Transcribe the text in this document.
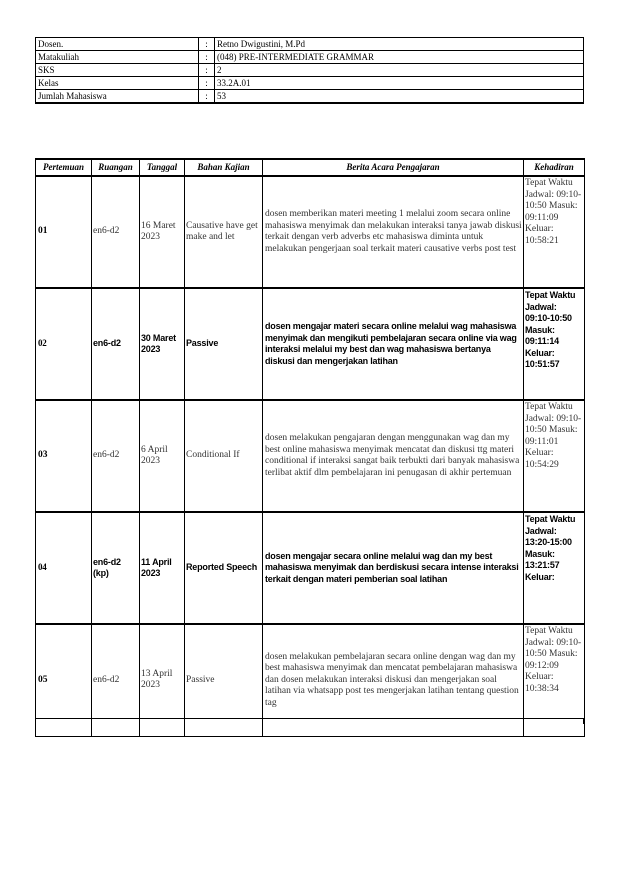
Dosen.	:	Retno Dwigustini, M.Pd
Matakuliah	:	(048) PRE-INTERMEDIATE GRAMMAR
SKS	:	2
Kelas	:	33.2A.01
Jumlah Mahasiswa	:	53
Pertemuan	Ruangan	Tanggal	Bahan Kajian	Berita Acara Pengajaran	Kehadiran
01	en6-d2	16 Maret 2023	Causative have get make and let	dosen memberikan materi meeting 1 melalui zoom secara online mahasiswa menyimak dan melakukan interaksi tanya jawab diskusi terkait dengan verb adverbs etc mahasiswa diminta untuk melakukan pengerjaan soal terkait materi causative verbs post test	Tepat Waktu Jadwal: 09:10-10:50 Masuk: 09:11:09 Keluar: 10:58:21
02	en6-d2	30 Maret 2023	Passive	dosen mengajar materi secara online melalui wag mahasiswa menyimak dan mengikuti pembelajaran secara online via wag interaksi melalui my best dan wag mahasiswa bertanya diskusi dan mengerjakan latihan	Tepat Waktu Jadwal: 09:10-10:50 Masuk: 09:11:14 Keluar: 10:51:57
03	en6-d2	6 April 2023	Conditional If	dosen melakukan pengajaran dengan menggunakan wag dan my best online mahasiswa menyimak mencatat dan diskusi ttg materi conditional if interaksi sangat baik terbukti dari banyak mahasiswa terlibat aktif dlm pembelajaran ini penugasan di akhir pertemuan	Tepat Waktu Jadwal: 09:10-10:50 Masuk: 09:11:01 Keluar: 10:54:29
04	en6-d2 (kp)	11 April 2023	Reported Speech	dosen mengajar secara online melalui wag dan my best mahasiswa menyimak dan berdiskusi secara intense interaksi terkait dengan materi pemberian soal latihan	Tepat Waktu Jadwal: 13:20-15:00 Masuk: 13:21:57 Keluar:
05	en6-d2	13 April 2023	Passive	dosen melakukan pembelajaran secara online dengan wag dan my best mahasiswa menyimak dan mencatat pembelajaran mahasiswa dan dosen melakukan interaksi diskusi dan mengerjakan soal latihan via whatsapp post tes mengerjakan latihan tentang question tag	Tepat Waktu Jadwal: 09:10-10:50 Masuk: 09:12:09 Keluar: 10:38:34
